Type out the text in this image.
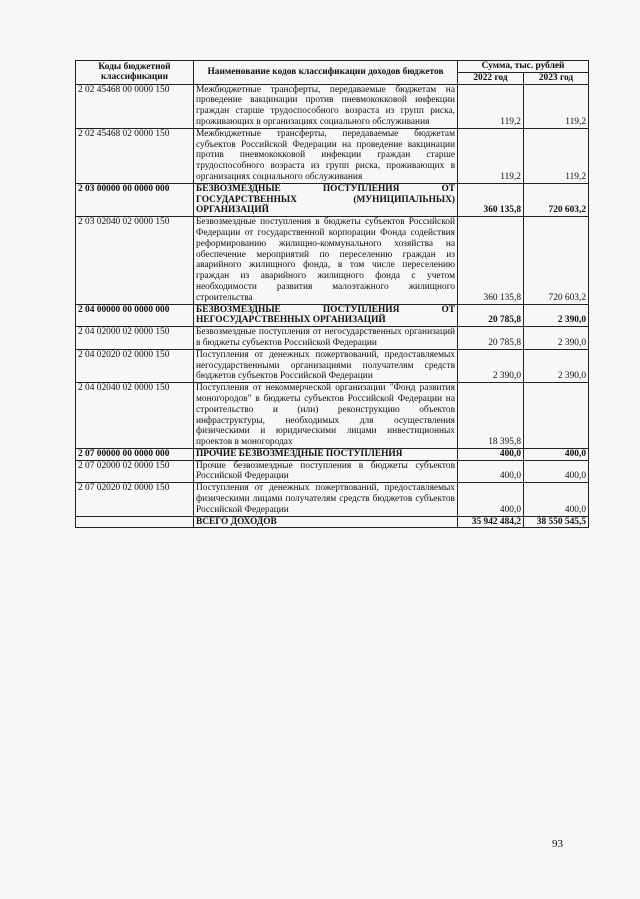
Коды бюджетной классификации	Наименование кодов классификации доходов бюджетов	Сумма, тыс. рублей	
		2022 год	2023 год
2 02 45468 00 0000 150	Межбюджетные трансферты, передаваемые бюджетам на проведение вакцинации против пневмококковой инфекции граждан старше трудоспособного возраста из групп риска, проживающих в организациях социального обслуживания	119,2	119,2
2 02 45468 02 0000 150	Межбюджетные трансферты, передаваемые бюджетам субъектов Российской Федерации на проведение вакцинации против пневмококковой инфекции граждан старше трудоспособного возраста из групп риска, проживающих в организациях социального обслуживания	119,2	119,2
2 03 00000 00 0000 000	БЕЗВОЗМЕЗДНЫЕ ПОСТУПЛЕНИЯ ОТ ГОСУДАРСТВЕННЫХ (МУНИЦИПАЛЬНЫХ) ОРГАНИЗАЦИЙ	360 135,8	720 603,2
2 03 02040 02 0000 150	Безвозмездные поступления в бюджеты субъектов Российской Федерации от государственной корпорации Фонда содействия реформированию жилищно-коммунального хозяйства на обеспечение мероприятий по переселению граждан из аварийного жилищного фонда, в том числе переселению граждан из аварийного жилищного фонда с учетом необходимости развития малоэтажного жилищного строительства	360 135,8	720 603,2
2 04 00000 00 0000 000	БЕЗВОЗМЕЗДНЫЕ ПОСТУПЛЕНИЯ ОТ НЕГОСУДАРСТВЕННЫХ ОРГАНИЗАЦИЙ	20 785,8	2 390,0
2 04 02000 02 0000 150	Безвозмездные поступления от негосударственных организаций в бюджеты субъектов Российской Федерации	20 785,8	2 390,0
2 04 02020 02 0000 150	Поступления от денежных пожертвований, предоставляемых негосударственными организациями получателям средств бюджетов субъектов Российской Федерации	2 390,0	2 390,0
2 04 02040 02 0000 150	Поступления от некоммерческой организации "Фонд развития моногородов" в бюджеты субъектов Российской Федерации на строительство и (или) реконструкцию объектов инфраструктуры, необходимых для осуществления физическими и юридическими лицами инвестиционных проектов в моногородах	18 395,8	
2 07 00000 00 0000 000	ПРОЧИЕ БЕЗВОЗМЕЗДНЫЕ ПОСТУПЛЕНИЯ	400,0	400,0
2 07 02000 02 0000 150	Прочие безвозмездные поступления в бюджеты субъектов Российской Федерации	400,0	400,0
2 07 02020 02 0000 150	Поступления от денежных пожертвований, предоставляемых физическими лицами получателям средств бюджетов субъектов Российской Федерации	400,0	400,0
	ВСЕГО ДОХОДОВ	35 942 484,2	38 550 545,5
93
